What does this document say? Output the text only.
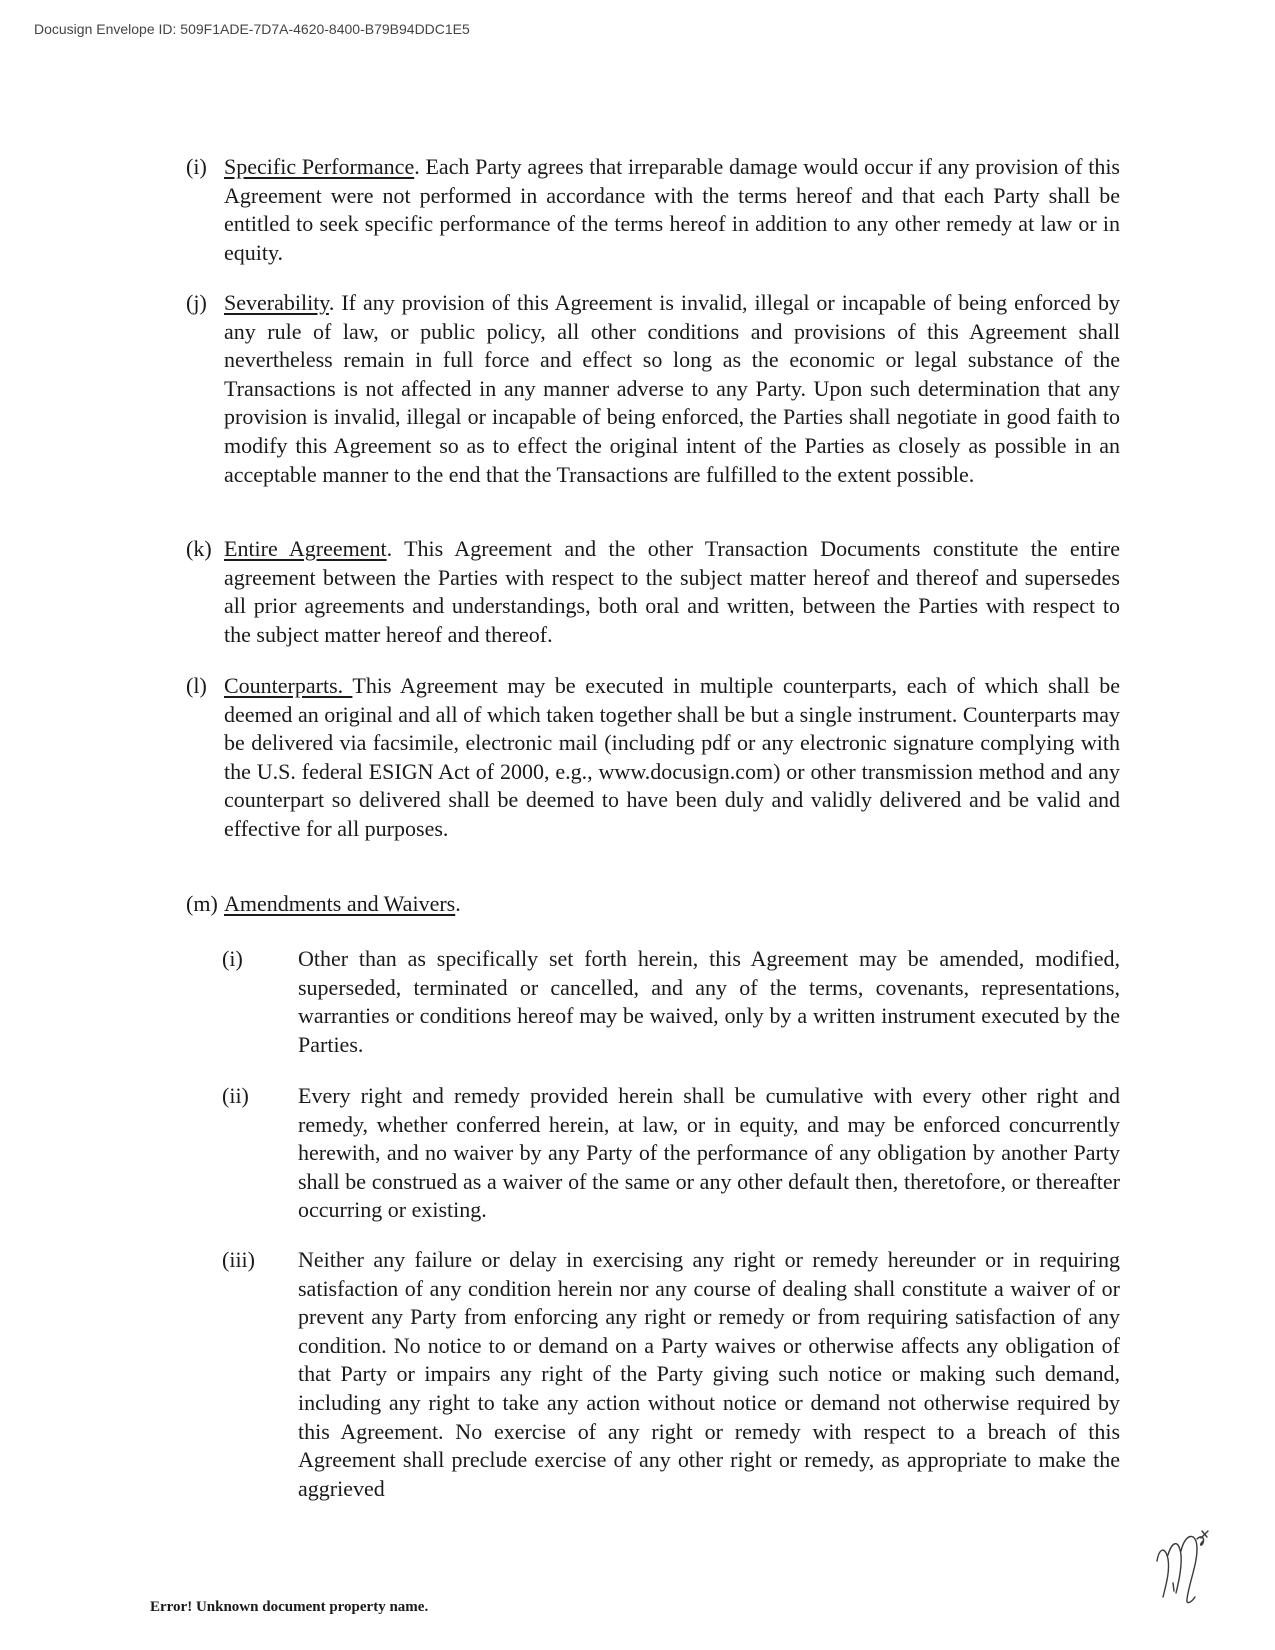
Docusign Envelope ID: 509F1ADE-7D7A-4620-8400-B79B94DDC1E5
(i) Specific Performance. Each Party agrees that irreparable damage would occur if any provision of this Agreement were not performed in accordance with the terms hereof and that each Party shall be entitled to seek specific performance of the terms hereof in addition to any other remedy at law or in equity.
(j) Severability. If any provision of this Agreement is invalid, illegal or incapable of being enforced by any rule of law, or public policy, all other conditions and provisions of this Agreement shall nevertheless remain in full force and effect so long as the economic or legal substance of the Transactions is not affected in any manner adverse to any Party. Upon such determination that any provision is invalid, illegal or incapable of being enforced, the Parties shall negotiate in good faith to modify this Agreement so as to effect the original intent of the Parties as closely as possible in an acceptable manner to the end that the Transactions are fulfilled to the extent possible.
(k) Entire Agreement. This Agreement and the other Transaction Documents constitute the entire agreement between the Parties with respect to the subject matter hereof and thereof and supersedes all prior agreements and understandings, both oral and written, between the Parties with respect to the subject matter hereof and thereof.
(l) Counterparts. This Agreement may be executed in multiple counterparts, each of which shall be deemed an original and all of which taken together shall be but a single instrument. Counterparts may be delivered via facsimile, electronic mail (including pdf or any electronic signature complying with the U.S. federal ESIGN Act of 2000, e.g., www.docusign.com) or other transmission method and any counterpart so delivered shall be deemed to have been duly and validly delivered and be valid and effective for all purposes.
(m) Amendments and Waivers.
(i)	Other than as specifically set forth herein, this Agreement may be amended, modified, superseded, terminated or cancelled, and any of the terms, covenants, representations, warranties or conditions hereof may be waived, only by a written instrument executed by the Parties.
(ii) Every right and remedy provided herein shall be cumulative with every other right and remedy, whether conferred herein, at law, or in equity, and may be enforced concurrently herewith, and no waiver by any Party of the performance of any obligation by another Party shall be construed as a waiver of the same or any other default then, theretofore, or thereafter occurring or existing.
(iii) Neither any failure or delay in exercising any right or remedy hereunder or in requiring satisfaction of any condition herein nor any course of dealing shall constitute a waiver of or prevent any Party from enforcing any right or remedy or from requiring satisfaction of any condition. No notice to or demand on a Party waives or otherwise affects any obligation of that Party or impairs any right of the Party giving such notice or making such demand, including any right to take any action without notice or demand not otherwise required by this Agreement. No exercise of any right or remedy with respect to a breach of this Agreement shall preclude exercise of any other right or remedy, as appropriate to make the aggrieved
Error! Unknown document property name.
